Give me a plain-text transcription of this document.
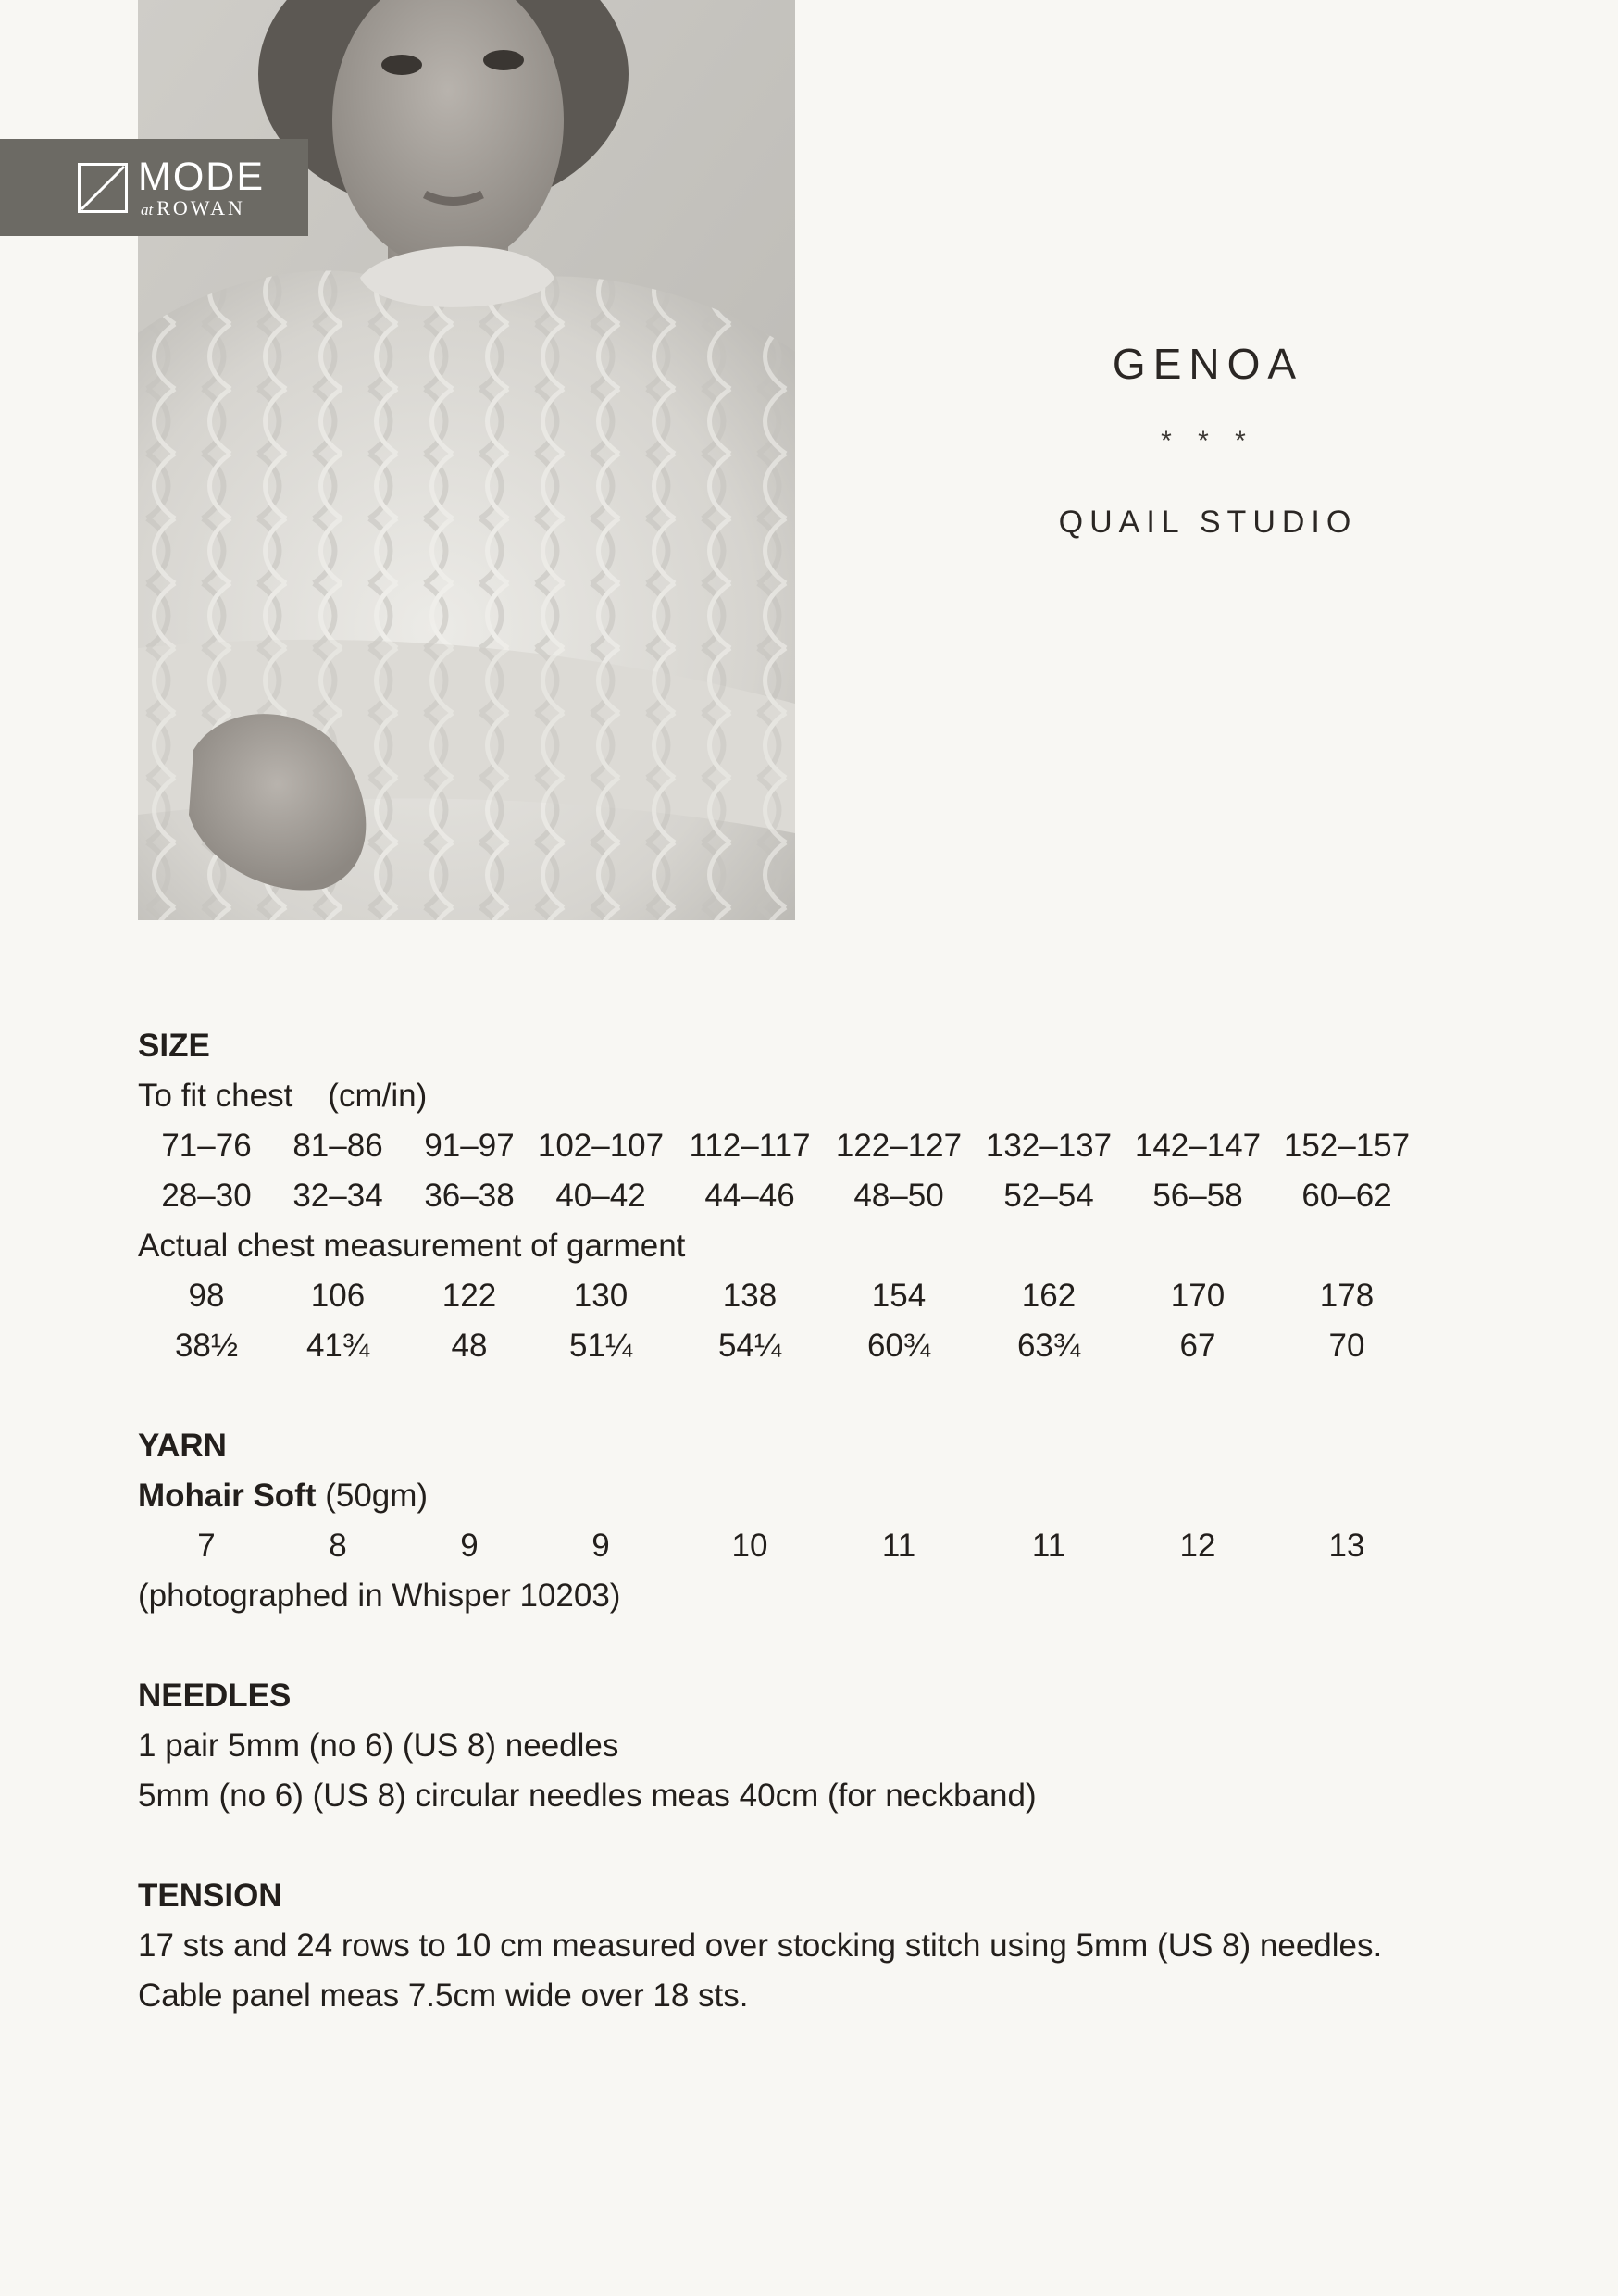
MODE
at ROWAN
GENOA
* * *
QUAIL STUDIO
SIZE
To fit chest (cm/in)
71–76	81–86	91–97 102–107 112–117 122–127 132–137 142–147 152–157
28–30	32–34	36–38	40–42	44–46	48–50	52–54	56–58	60–62
Actual chest measurement of garment
98	106	122	130	138	154	162	170	178
38½	41¾	48	51¼	54¼	60¾	63¾	67	70
YARN
Mohair Soft (50gm)
7	8	9	9	10	11	11	12	13
(photographed in Whisper 10203)
NEEDLES
1 pair 5mm (no 6) (US 8) needles
5mm (no 6) (US 8) circular needles meas 40cm (for neckband)
TENSION
17 sts and 24 rows to 10 cm measured over stocking stitch using 5mm (US 8) needles.
Cable panel meas 7.5cm wide over 18 sts.
